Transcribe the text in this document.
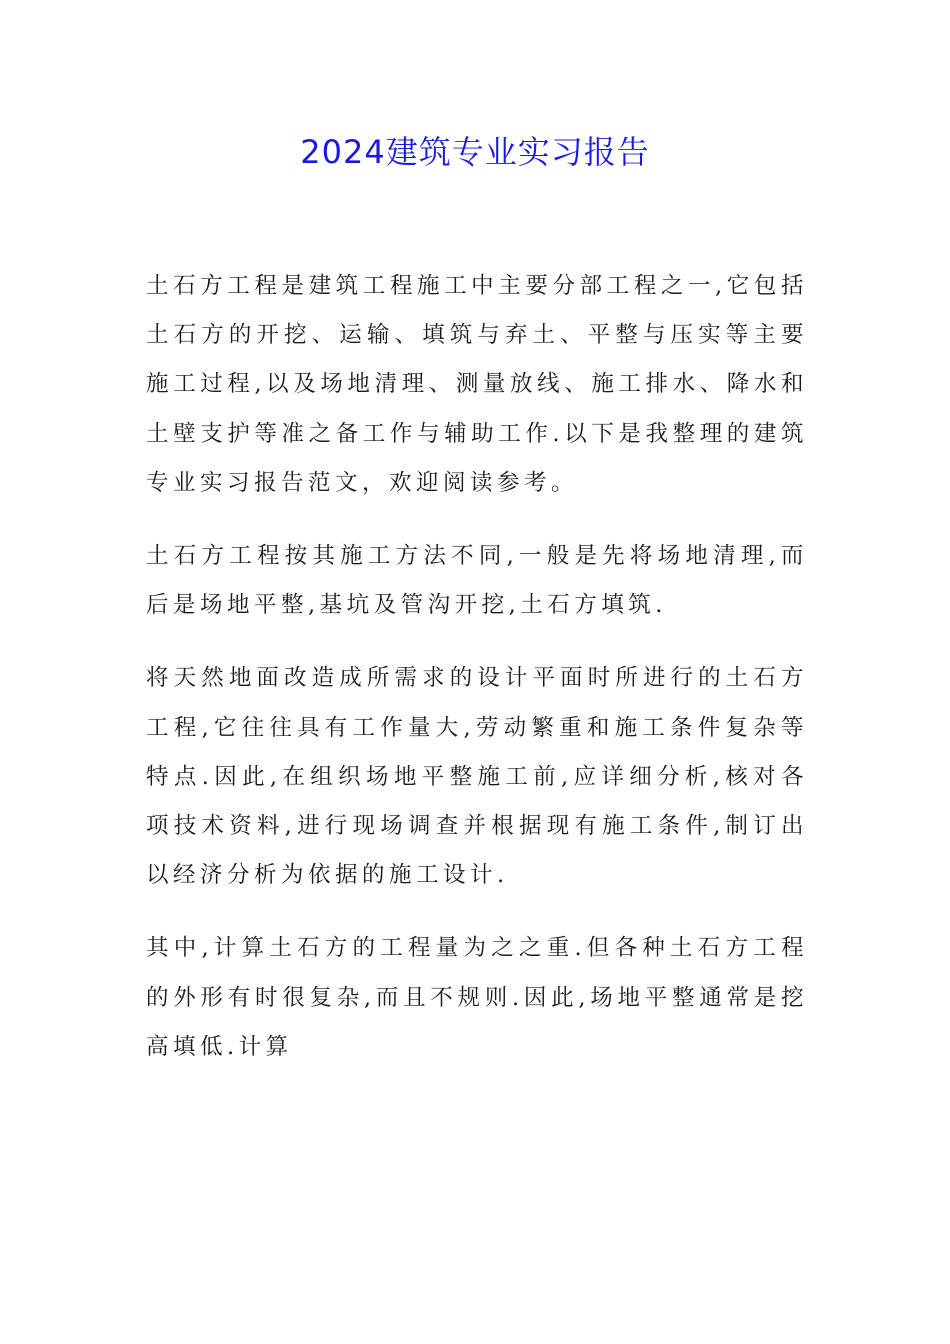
2024建筑专业实习报告

土石方工程是建筑工程施工中主要分部工程之一,它包括土石方的开挖、运输、填筑与弃土、平整与压实等主要施工过程,以及场地清理、测量放线、施工排水、降水和土壁支护等准之备工作与辅助工作.以下是我整理的建筑专业实习报告范文，欢迎阅读参考。

土石方工程按其施工方法不同,一般是先将场地清理,而后是场地平整,基坑及管沟开挖,土石方填筑.

将天然地面改造成所需求的设计平面时所进行的土石方工程,它往往具有工作量大,劳动繁重和施工条件复杂等特点.因此,在组织场地平整施工前,应详细分析,核对各项技术资料,进行现场调查并根据现有施工条件,制订出以经济分析为依据的施工设计.

其中,计算土石方的工程量为之之重.但各种土石方工程的外形有时很复杂,而且不规则.因此,场地平整通常是挖高填低.计算
